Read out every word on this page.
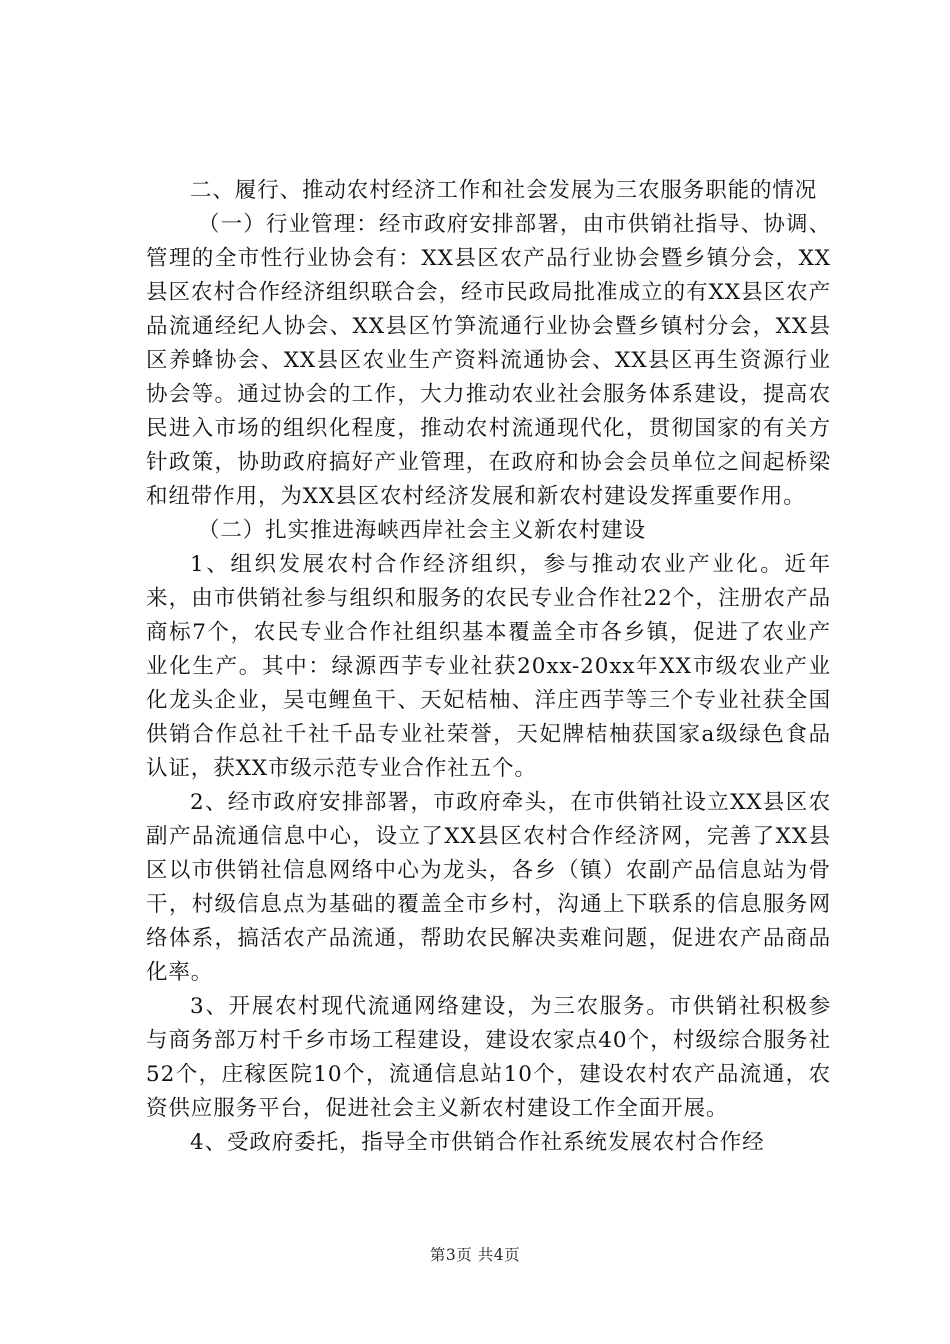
二、履行、推动农村经济工作和社会发展为三农服务职能的情况

（一）行业管理：经市政府安排部署，由市供销社指导、协调、管理的全市性行业协会有：XX县区农产品行业协会暨乡镇分会，XX县区农村合作经济组织联合会，经市民政局批准成立的有XX县区农产品流通经纪人协会、XX县区竹笋流通行业协会暨乡镇村分会，XX县区养蜂协会、XX县区农业生产资料流通协会、XX县区再生资源行业协会等。通过协会的工作，大力推动农业社会服务体系建设，提高农民进入市场的组织化程度，推动农村流通现代化，贯彻国家的有关方针政策，协助政府搞好产业管理，在政府和协会会员单位之间起桥梁和纽带作用，为XX县区农村经济发展和新农村建设发挥重要作用。

（二）扎实推进海峡西岸社会主义新农村建设

1、组织发展农村合作经济组织，参与推动农业产业化。近年来，由市供销社参与组织和服务的农民专业合作社22个，注册农产品商标7个，农民专业合作社组织基本覆盖全市各乡镇，促进了农业产业化生产。其中：绿源西芋专业社获20xx-20xx年XX市级农业产业化龙头企业，吴屯鲤鱼干、天妃桔柚、洋庄西芋等三个专业社获全国供销合作总社千社千品专业社荣誉，天妃牌桔柚获国家a级绿色食品认证，获XX市级示范专业合作社五个。

2、经市政府安排部署，市政府牵头，在市供销社设立XX县区农副产品流通信息中心，设立了XX县区农村合作经济网，完善了XX县区以市供销社信息网络中心为龙头，各乡（镇）农副产品信息站为骨干，村级信息点为基础的覆盖全市乡村，沟通上下联系的信息服务网络体系，搞活农产品流通，帮助农民解决卖难问题，促进农产品商品化率。

3、开展农村现代流通网络建设，为三农服务。市供销社积极参与商务部万村千乡市场工程建设，建设农家点40个，村级综合服务社52个，庄稼医院10个，流通信息站10个，建设农村农产品流通，农资供应服务平台，促进社会主义新农村建设工作全面开展。

4、受政府委托，指导全市供销合作社系统发展农村合作经

第3页 共4页
